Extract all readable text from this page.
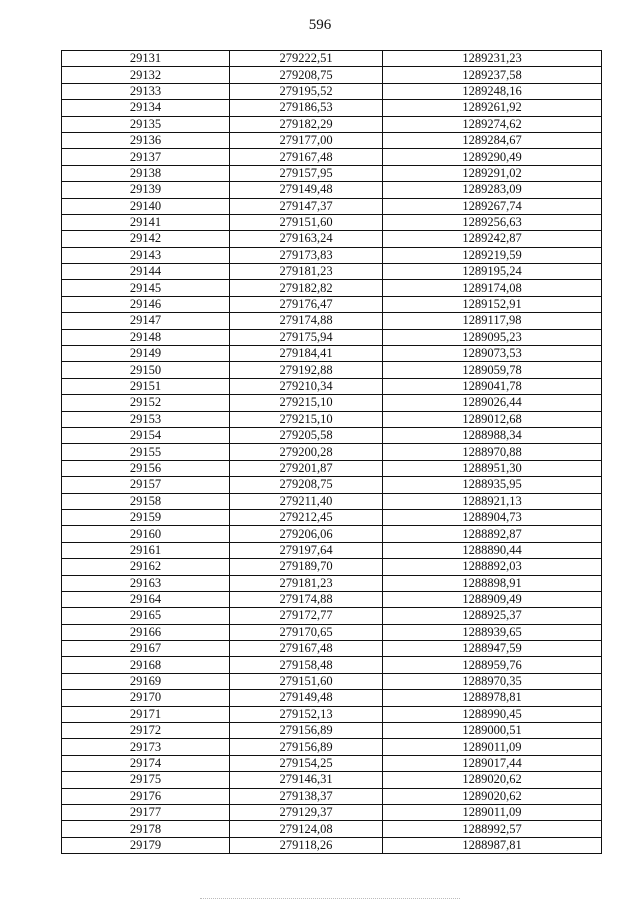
596
29131	279222,51	1289231,23
29132	279208,75	1289237,58
29133	279195,52	1289248,16
29134	279186,53	1289261,92
29135	279182,29	1289274,62
29136	279177,00	1289284,67
29137	279167,48	1289290,49
29138	279157,95	1289291,02
29139	279149,48	1289283,09
29140	279147,37	1289267,74
29141	279151,60	1289256,63
29142	279163,24	1289242,87
29143	279173,83	1289219,59
29144	279181,23	1289195,24
29145	279182,82	1289174,08
29146	279176,47	1289152,91
29147	279174,88	1289117,98
29148	279175,94	1289095,23
29149	279184,41	1289073,53
29150	279192,88	1289059,78
29151	279210,34	1289041,78
29152	279215,10	1289026,44
29153	279215,10	1289012,68
29154	279205,58	1288988,34
29155	279200,28	1288970,88
29156	279201,87	1288951,30
29157	279208,75	1288935,95
29158	279211,40	1288921,13
29159	279212,45	1288904,73
29160	279206,06	1288892,87
29161	279197,64	1288890,44
29162	279189,70	1288892,03
29163	279181,23	1288898,91
29164	279174,88	1288909,49
29165	279172,77	1288925,37
29166	279170,65	1288939,65
29167	279167,48	1288947,59
29168	279158,48	1288959,76
29169	279151,60	1288970,35
29170	279149,48	1288978,81
29171	279152,13	1288990,45
29172	279156,89	1289000,51
29173	279156,89	1289011,09
29174	279154,25	1289017,44
29175	279146,31	1289020,62
29176	279138,37	1289020,62
29177	279129,37	1289011,09
29178	279124,08	1288992,57
29179	279118,26	1288987,81
